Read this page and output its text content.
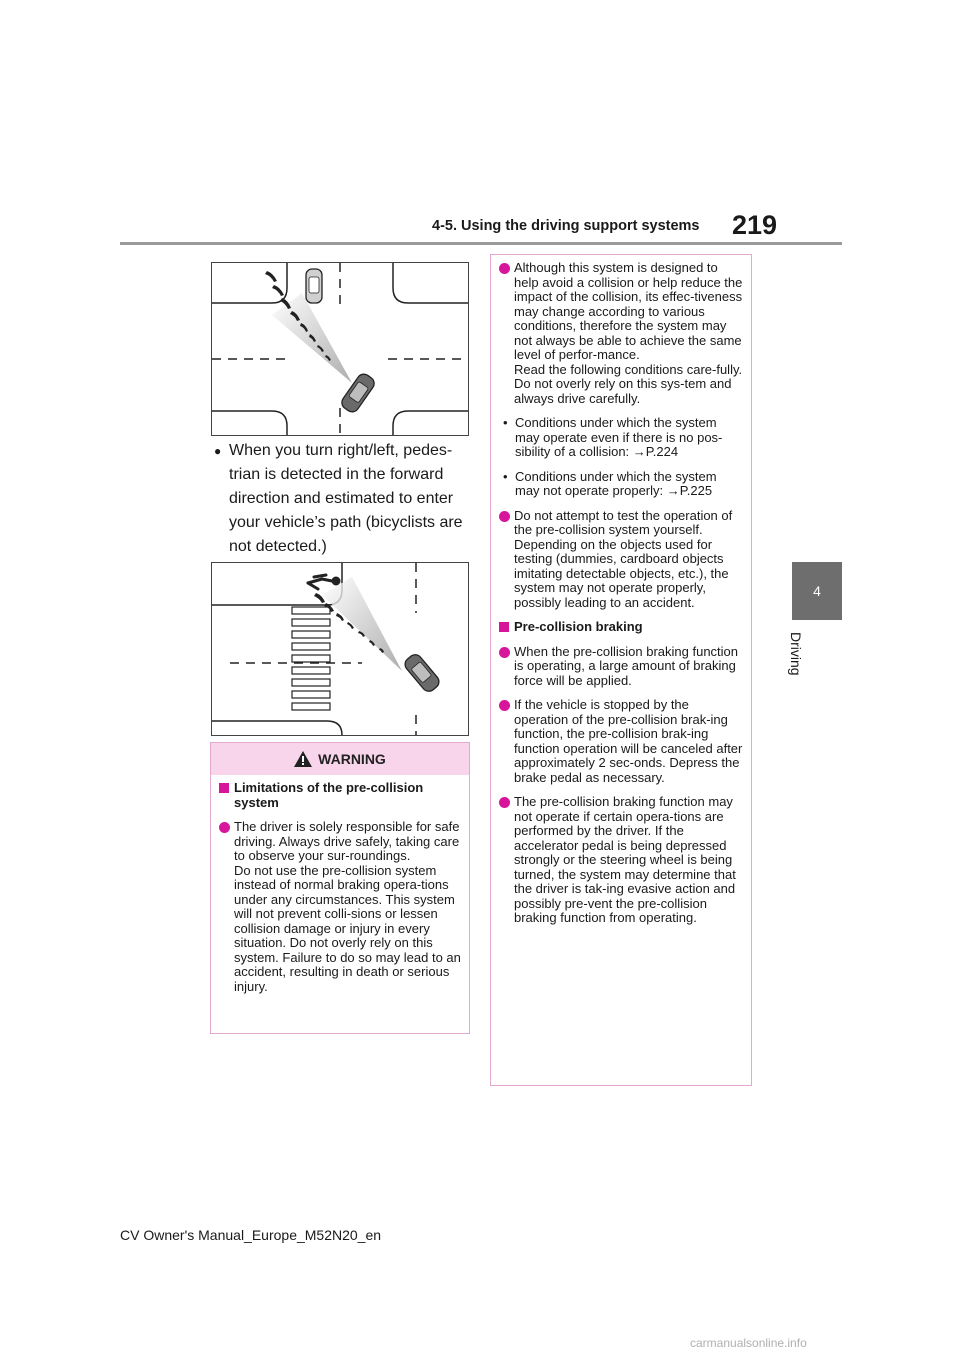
4-5. Using the driving support systems 219
4
Driving
● When you turn right/left, pedes-trian is detected in the forward direction and estimated to enter your vehicle’s path (bicyclists are not detected.)
WARNING
Limitations of the pre-collision system
The driver is solely responsible for safe driving. Always drive safely, taking care to observe your sur-roundings.
Do not use the pre-collision system instead of normal braking opera-tions under any circumstances. This system will not prevent colli-sions or lessen collision damage or injury in every situation. Do not overly rely on this system. Failure to do so may lead to an accident, resulting in death or serious injury.
Although this system is designed to help avoid a collision or help reduce the impact of the collision, its effec-tiveness may change according to various conditions, therefore the system may not always be able to achieve the same level of perfor-mance.
Read the following conditions care-fully. Do not overly rely on this sys-tem and always drive carefully.
• Conditions under which the system may operate even if there is no pos-sibility of a collision: →P.224
• Conditions under which the system may not operate properly: →P.225
Do not attempt to test the operation of the pre-collision system yourself. Depending on the objects used for testing (dummies, cardboard objects imitating detectable objects, etc.), the system may not operate properly, possibly leading to an accident.
Pre-collision braking
When the pre-collision braking function is operating, a large amount of braking force will be applied.
If the vehicle is stopped by the operation of the pre-collision brak-ing function, the pre-collision brak-ing function operation will be canceled after approximately 2 sec-onds. Depress the brake pedal as necessary.
The pre-collision braking function may not operate if certain opera-tions are performed by the driver. If the accelerator pedal is being depressed strongly or the steering wheel is being turned, the system may determine that the driver is tak-ing evasive action and possibly pre-vent the pre-collision braking function from operating.
CV Owner's Manual_Europe_M52N20_en
carmanualsonline.info
